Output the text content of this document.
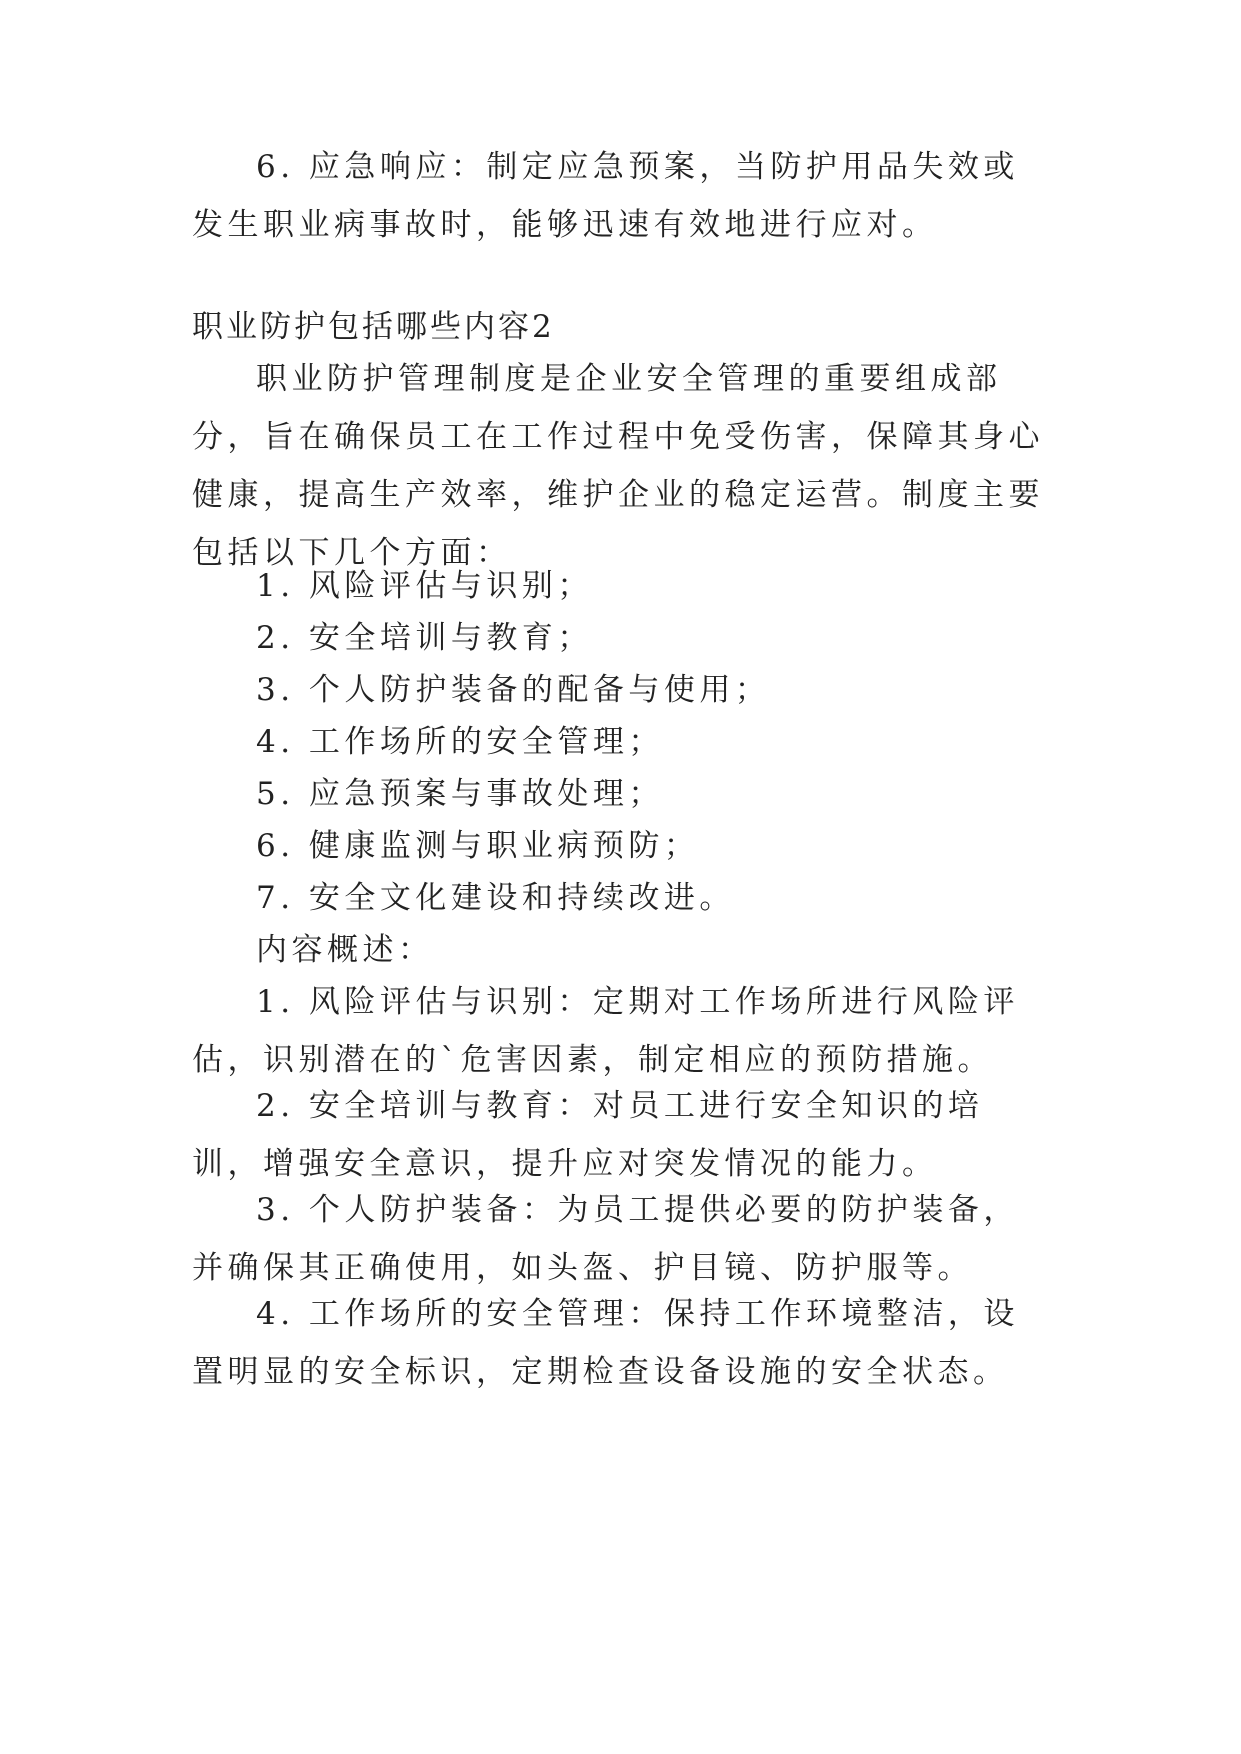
6. 应急响应：制定应急预案，当防护用品失效或发生职业病事故时，能够迅速有效地进行应对。

职业防护包括哪些内容2

职业防护管理制度是企业安全管理的重要组成部分，旨在确保员工在工作过程中免受伤害，保障其身心健康，提高生产效率，维护企业的稳定运营。制度主要包括以下几个方面：

1. 风险评估与识别；

2. 安全培训与教育；

3. 个人防护装备的配备与使用；

4. 工作场所的安全管理；

5. 应急预案与事故处理；

6. 健康监测与职业病预防；

7. 安全文化建设和持续改进。

内容概述：

1. 风险评估与识别：定期对工作场所进行风险评估，识别潜在的`危害因素，制定相应的预防措施。

2. 安全培训与教育：对员工进行安全知识的培训，增强安全意识，提升应对突发情况的能力。

3. 个人防护装备：为员工提供必要的防护装备，并确保其正确使用，如头盔、护目镜、防护服等。

4. 工作场所的安全管理：保持工作环境整洁，设置明显的安全标识，定期检查设备设施的安全状态。
